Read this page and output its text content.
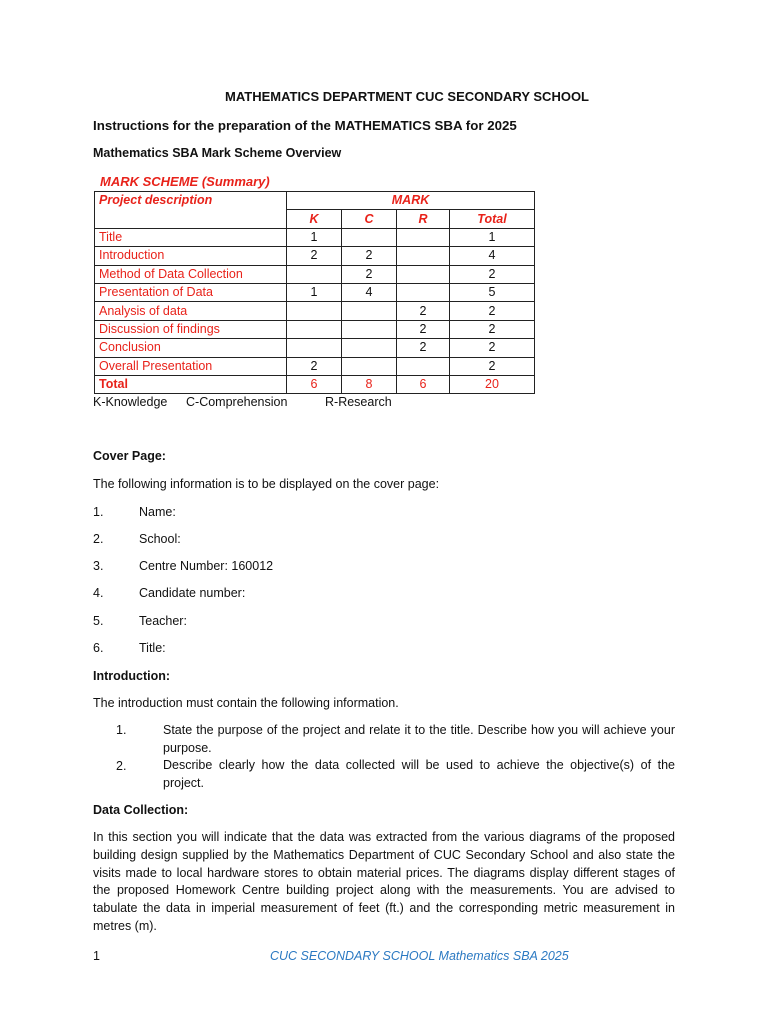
MATHEMATICS DEPARTMENT CUC SECONDARY SCHOOL
Instructions for the preparation of the MATHEMATICS SBA for 2025
Mathematics SBA Mark Scheme Overview
MARK SCHEME (Summary)
Project description	MARK			
	K	C	R	Total
Title	1			1
Introduction	2	2		4
Method of Data Collection		2		2
Presentation of Data	1	4		5
Analysis of data			2	2
Discussion of findings			2	2
Conclusion			2	2
Overall Presentation	2			2
Total	6	8	6	20
K-Knowledge C-Comprehension	R-Research
Cover Page:
The following information is to be displayed on the cover page:
1.	Name:
2.	School:
3.	Centre Number: 160012
4.	Candidate number:
5.	Teacher:
6.	Title:
Introduction:
The introduction must contain the following information.
1.	State the purpose of the project and relate it to the title. Describe how you will achieve your purpose.
2.	Describe clearly how the data collected will be used to achieve the objective(s) of the project.
Data Collection:
In this section you will indicate that the data was extracted from the various diagrams of the proposed building design supplied by the Mathematics Department of CUC Secondary School and also state the visits made to local hardware stores to obtain material prices. The diagrams display different stages of the proposed Homework Centre building project along with the measurements. You are advised to tabulate the data in imperial measurement of feet (ft.) and the corresponding metric measurement in metres (m).
1	CUC SECONDARY SCHOOL Mathematics SBA 2025
